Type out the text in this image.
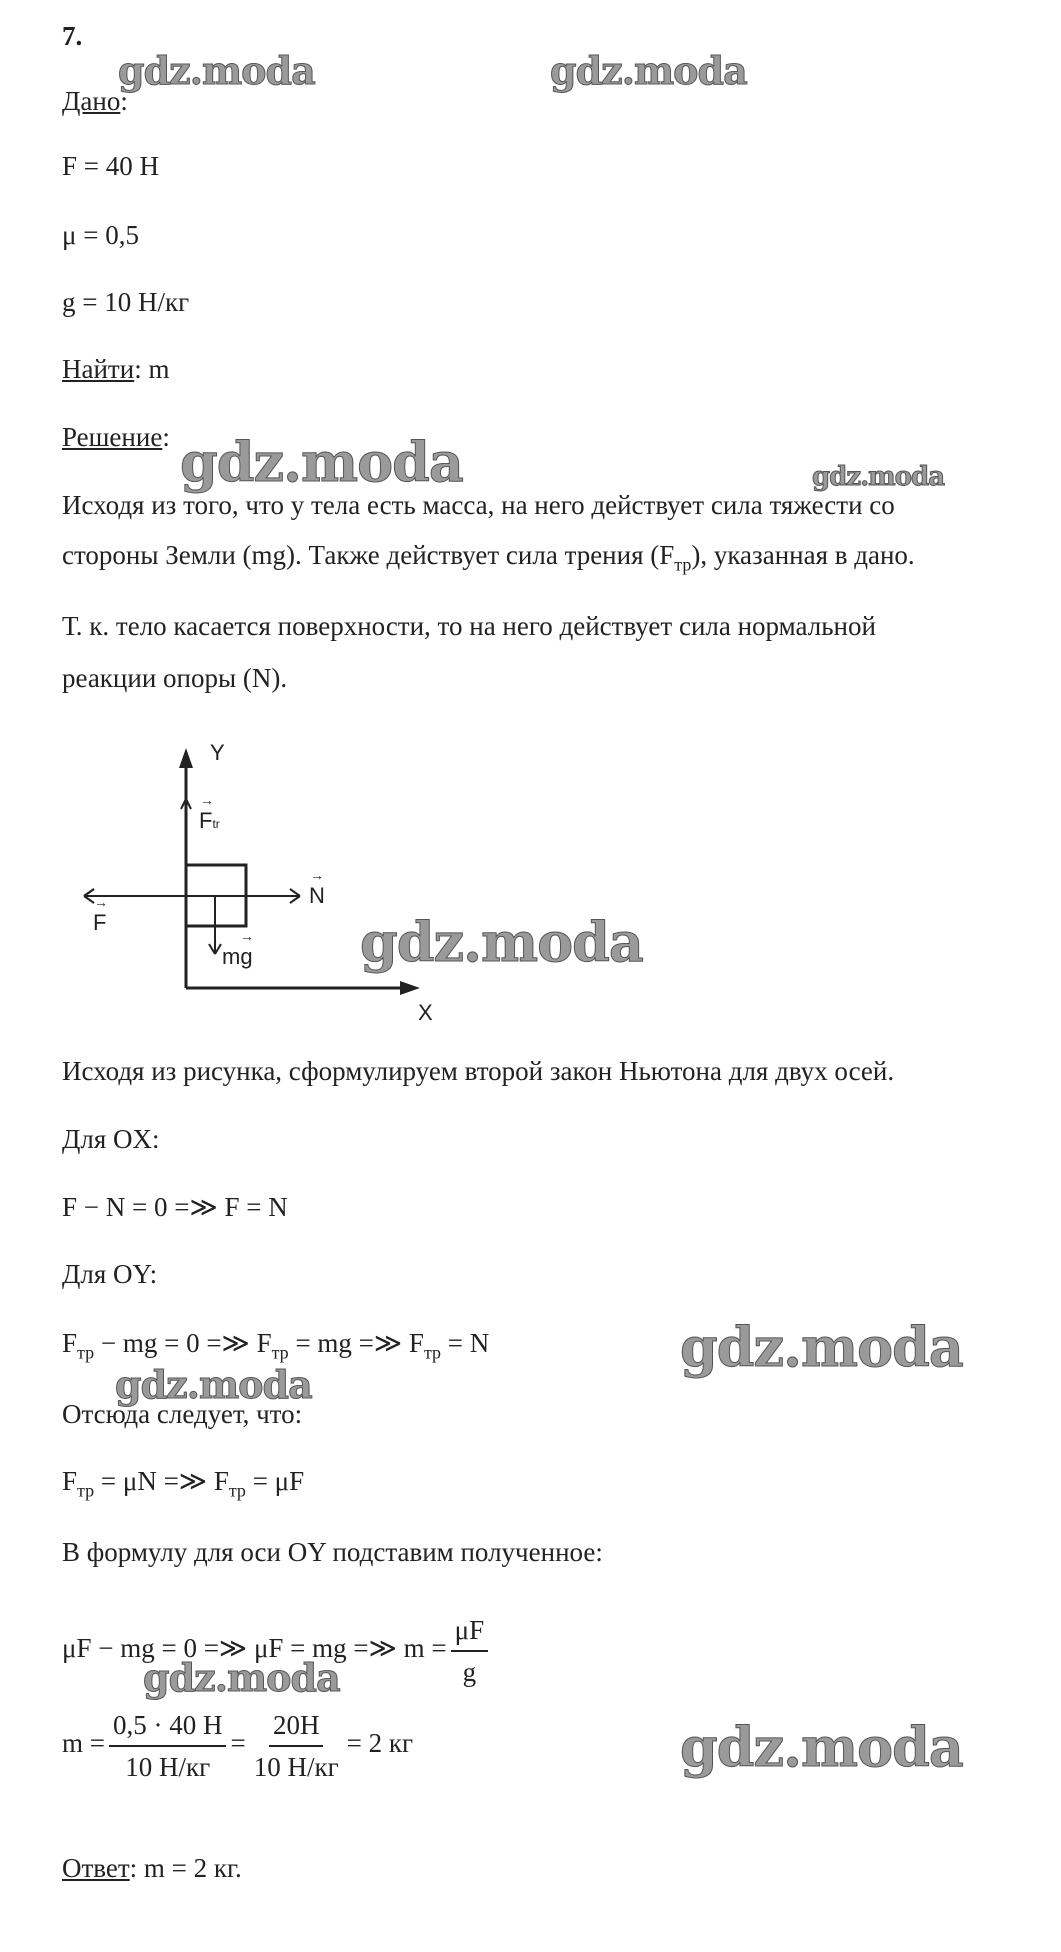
7.
Дано:
F = 40 Н
μ = 0,5
g = 10 Н/кг
Найти: m
Решение:
Исходя из того, что у тела есть масса, на него действует сила тяжести со
стороны Земли (mg). Также действует сила трения $(F_{тр})$, указанная в дано.
Т. к. тело касается поверхности, то на него действует сила нормальной
реакции опоры (N).
Y
X
→
Ftr
→
N
→
F
→
mg
Исходя из рисунка, сформулируем второй закон Ньютона для двух осей.
Для OX:
F − N = 0 =≫ F = N
Для OY:
$F_{тр}$ − mg = 0 =≫ $F_{тр}$ = mg =≫ $F_{тр} = N$
Отсюда следует, что:
$F_{тр} = \mu N$ =≫ $F_{тр} = \mu F$
В формулу для оси OY подставим полученное:
μF − mg = 0 =≫ μF = mg =≫ $m = \frac{\mu F}{g}$
$m = \frac{0,5 \cdot 40 Н}{10 Н/кг} = \frac{20Н}{10 Н/кг} = 2$ кг
Ответ: m = 2 кг.
gdz.moda	gdz.moda
gdz.moda	gdz.moda
gdz.moda
gdz.moda
gdz.moda
gdz.moda
gdz.moda
